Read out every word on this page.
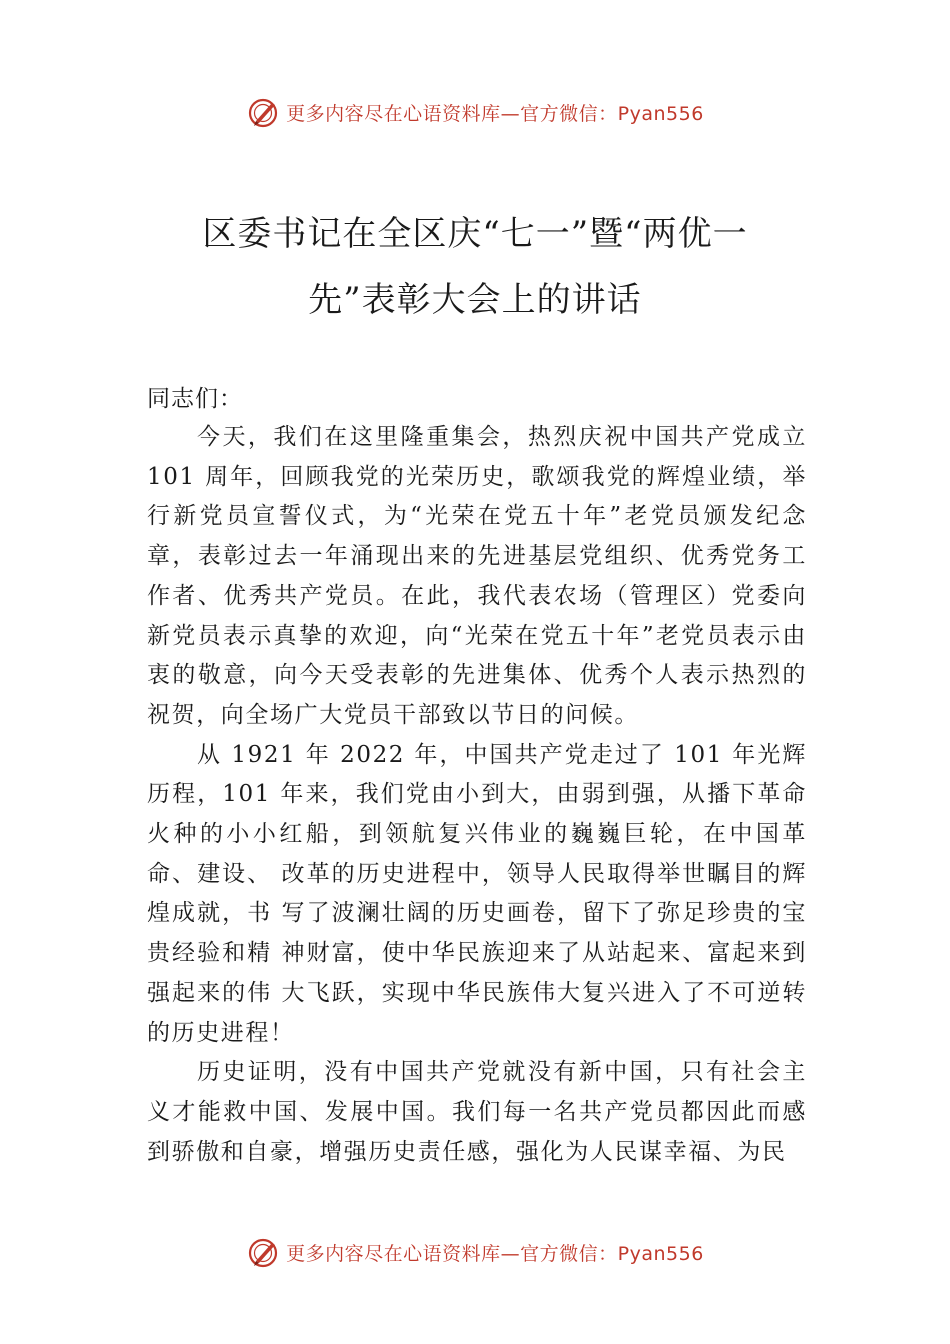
更多内容尽在心语资料库—官方微信：Pyan556
区委书记在全区庆“七一”暨“两优一
先”表彰大会上的讲话
同志们：

今天，我们在这里隆重集会，热烈庆祝中国共产党成立101 周年，回顾我党的光荣历史，歌颂我党的辉煌业绩，举行新党员宣誓仪式，为“光荣在党五十年”老党员颁发纪念章，表彰过去一年涌现出来的先进基层党组织、优秀党务工作者、优秀共产党员。在此，我代表农场（管理区）党委向新党员表示真挚的欢迎，向“光荣在党五十年”老党员表示由衷的敬意，向今天受表彰的先进集体、优秀个人表示热烈的祝贺，向全场广大党员干部致以节日的问候。

从 1921 年 2022 年，中国共产党走过了 101 年光辉历程，101 年来，我们党由小到大，由弱到强，从播下革命火种的小小红船，到领航复兴伟业的巍巍巨轮，在中国革命、建设、 改革的历史进程中，领导人民取得举世瞩目的辉煌成就，书 写了波澜壮阔的历史画卷，留下了弥足珍贵的宝贵经验和精 神财富，使中华民族迎来了从站起来、富起来到强起来的伟 大飞跃，实现中华民族伟大复兴进入了不可逆转的历史进程！

历史证明，没有中国共产党就没有新中国，只有社会主义才能救中国、发展中国。我们每一名共产党员都因此而感到骄傲和自豪，增强历史责任感，强化为人民谋幸福、为民

更多内容尽在心语资料库—官方微信：Pyan556
